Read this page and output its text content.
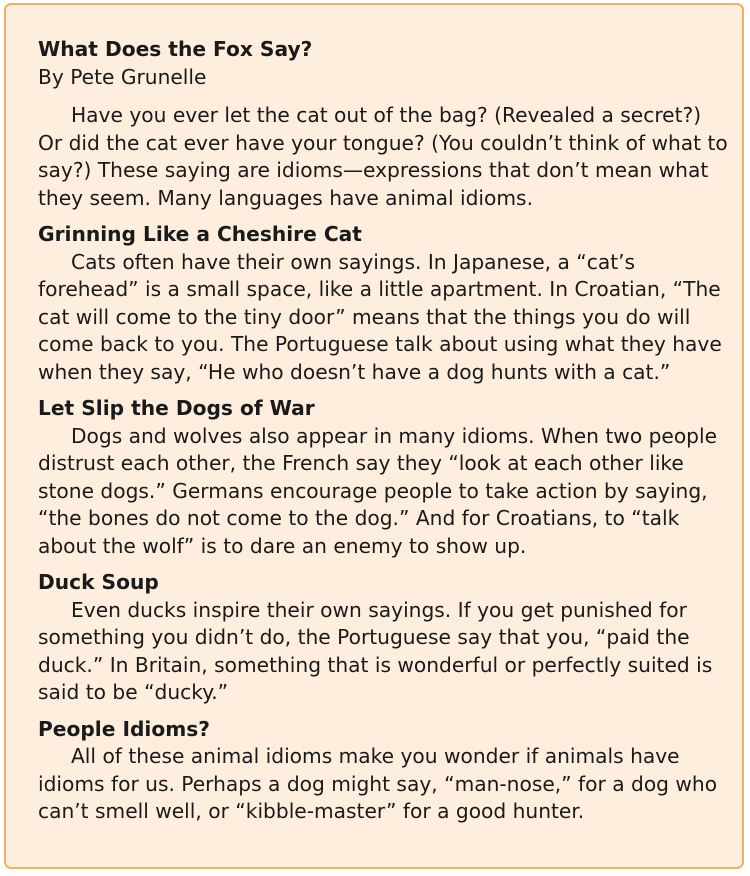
What Does the Fox Say?

By Pete Grunelle

Have you ever let the cat out of the bag? (Revealed a secret?) Or did the cat ever have your tongue? (You couldn’t think of what to say?) These saying are idioms—expressions that don’t mean what they seem. Many languages have animal idioms.

Grinning Like a Cheshire Cat

Cats often have their own sayings. In Japanese, a “cat’s forehead” is a small space, like a little apartment. In Croatian, “The cat will come to the tiny door” means that the things you do will come back to you. The Portuguese talk about using what they have when they say, “He who doesn’t have a dog hunts with a cat.”

Let Slip the Dogs of War

Dogs and wolves also appear in many idioms. When two people distrust each other, the French say they “look at each other like stone dogs.” Germans encourage people to take action by saying, “the bones do not come to the dog.” And for Croatians, to “talk about the wolf” is to dare an enemy to show up.

Duck Soup

Even ducks inspire their own sayings. If you get punished for something you didn’t do, the Portuguese say that you, “paid the duck.” In Britain, something that is wonderful or perfectly suited is said to be “ducky.”

People Idioms?

All of these animal idioms make you wonder if animals have idioms for us. Perhaps a dog might say, “man-nose,” for a dog who can’t smell well, or “kibble-master” for a good hunter.
